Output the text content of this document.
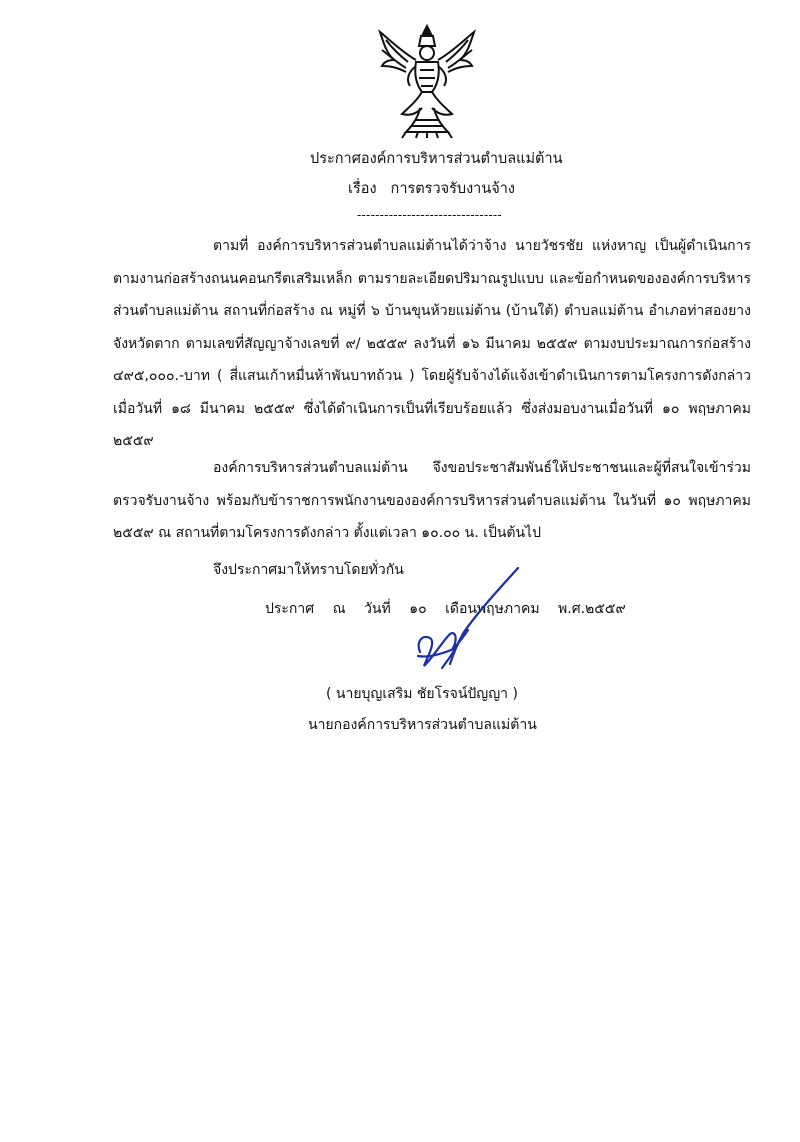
ประกาศองค์การบริหารส่วนตำบลแม่ต้าน
เรื่อง การตรวจรับงานจ้าง
--------------------------------
ตามที่ องค์การบริหารส่วนตำบลแม่ต้านได้ว่าจ้าง นายวัชรชัย แห่งหาญ เป็นผู้ดำเนินการตามงานก่อสร้างถนนคอนกรีตเสริมเหล็ก ตามรายละเอียดปริมาณรูปแบบ และข้อกำหนดขององค์การบริหารส่วนตำบลแม่ต้าน สถานที่ก่อสร้าง ณ หมู่ที่ ๖ บ้านขุนห้วยแม่ต้าน (บ้านใต้) ตำบลแม่ต้าน อำเภอท่าสองยาง จังหวัดตาก ตามเลขที่สัญญาจ้างเลขที่ ๙/ ๒๕๕๙ ลงวันที่ ๑๖ มีนาคม ๒๕๕๙ ตามงบประมาณการก่อสร้าง ๔๙๕,๐๐๐.-บาท ( สี่แสนเก้าหมื่นห้าพันบาทถ้วน ) โดยผู้รับจ้างได้แจ้งเข้าดำเนินการตามโครงการดังกล่าวเมื่อวันที่ ๑๘ มีนาคม ๒๕๕๙ ซึ่งได้ดำเนินการเป็นที่เรียบร้อยแล้ว ซึ่งส่งมอบงานเมื่อวันที่ ๑๐ พฤษภาคม ๒๕๕๙
องค์การบริหารส่วนตำบลแม่ต้าน จึงขอประชาสัมพันธ์ให้ประชาชนและผู้ที่สนใจเข้าร่วมตรวจรับงานจ้าง พร้อมกับข้าราชการพนักงานขององค์การบริหารส่วนตำบลแม่ต้าน ในวันที่ ๑๐ พฤษภาคม ๒๕๕๙ ณ สถานที่ตามโครงการดังกล่าว ตั้งแต่เวลา ๑๐.๐๐ น. เป็นต้นไป
จึงประกาศมาให้ทราบโดยทั่วกัน
ประกาศ ณ วันที่ ๑๐ เดือนพฤษภาคม พ.ศ.๒๕๕๙
( นายบุญเสริม ชัยโรจน์ปัญญา )
นายกองค์การบริหารส่วนตำบลแม่ต้าน
